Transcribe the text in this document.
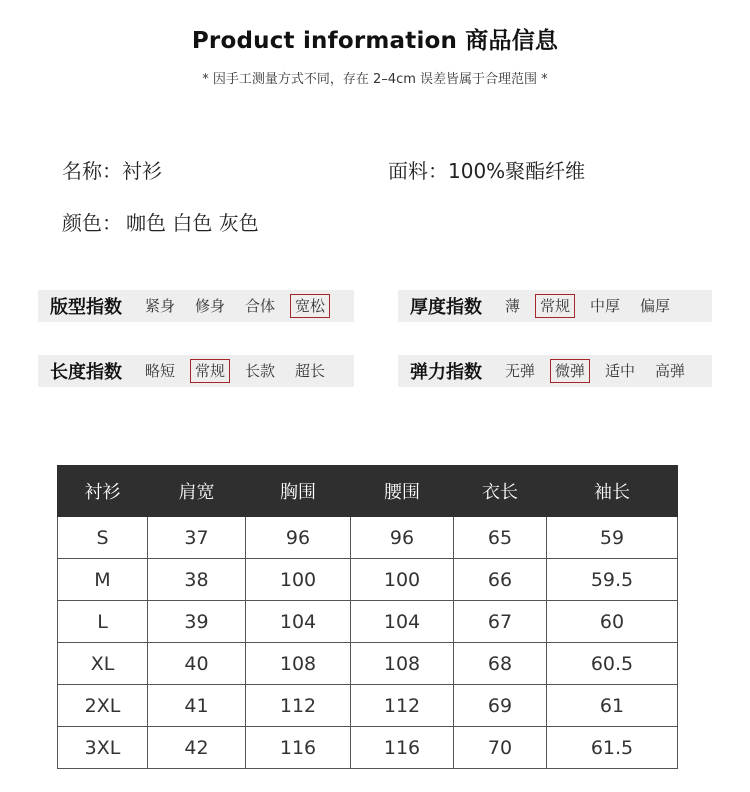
Product information 商品信息
* 因手工测量方式不同，存在 2–4cm 误差皆属于合理范围 *
名称：衬衫	面料：100%聚酯纤维
颜色： 咖色 白色 灰色
版型指数	紧身	修身	合体	宽松	厚度指数	薄	常规	中厚	偏厚
长度指数	略短	常规	长款	超长	弹力指数	无弹	微弹	适中	高弹
衬衫	肩宽	胸围	腰围	衣长	袖长
S	37	96	96	65	59
M	38	100	100	66	59.5
L	39	104	104	67	60
XL	40	108	108	68	60.5
2XL	41	112	112	69	61
3XL	42	116	116	70	61.5
